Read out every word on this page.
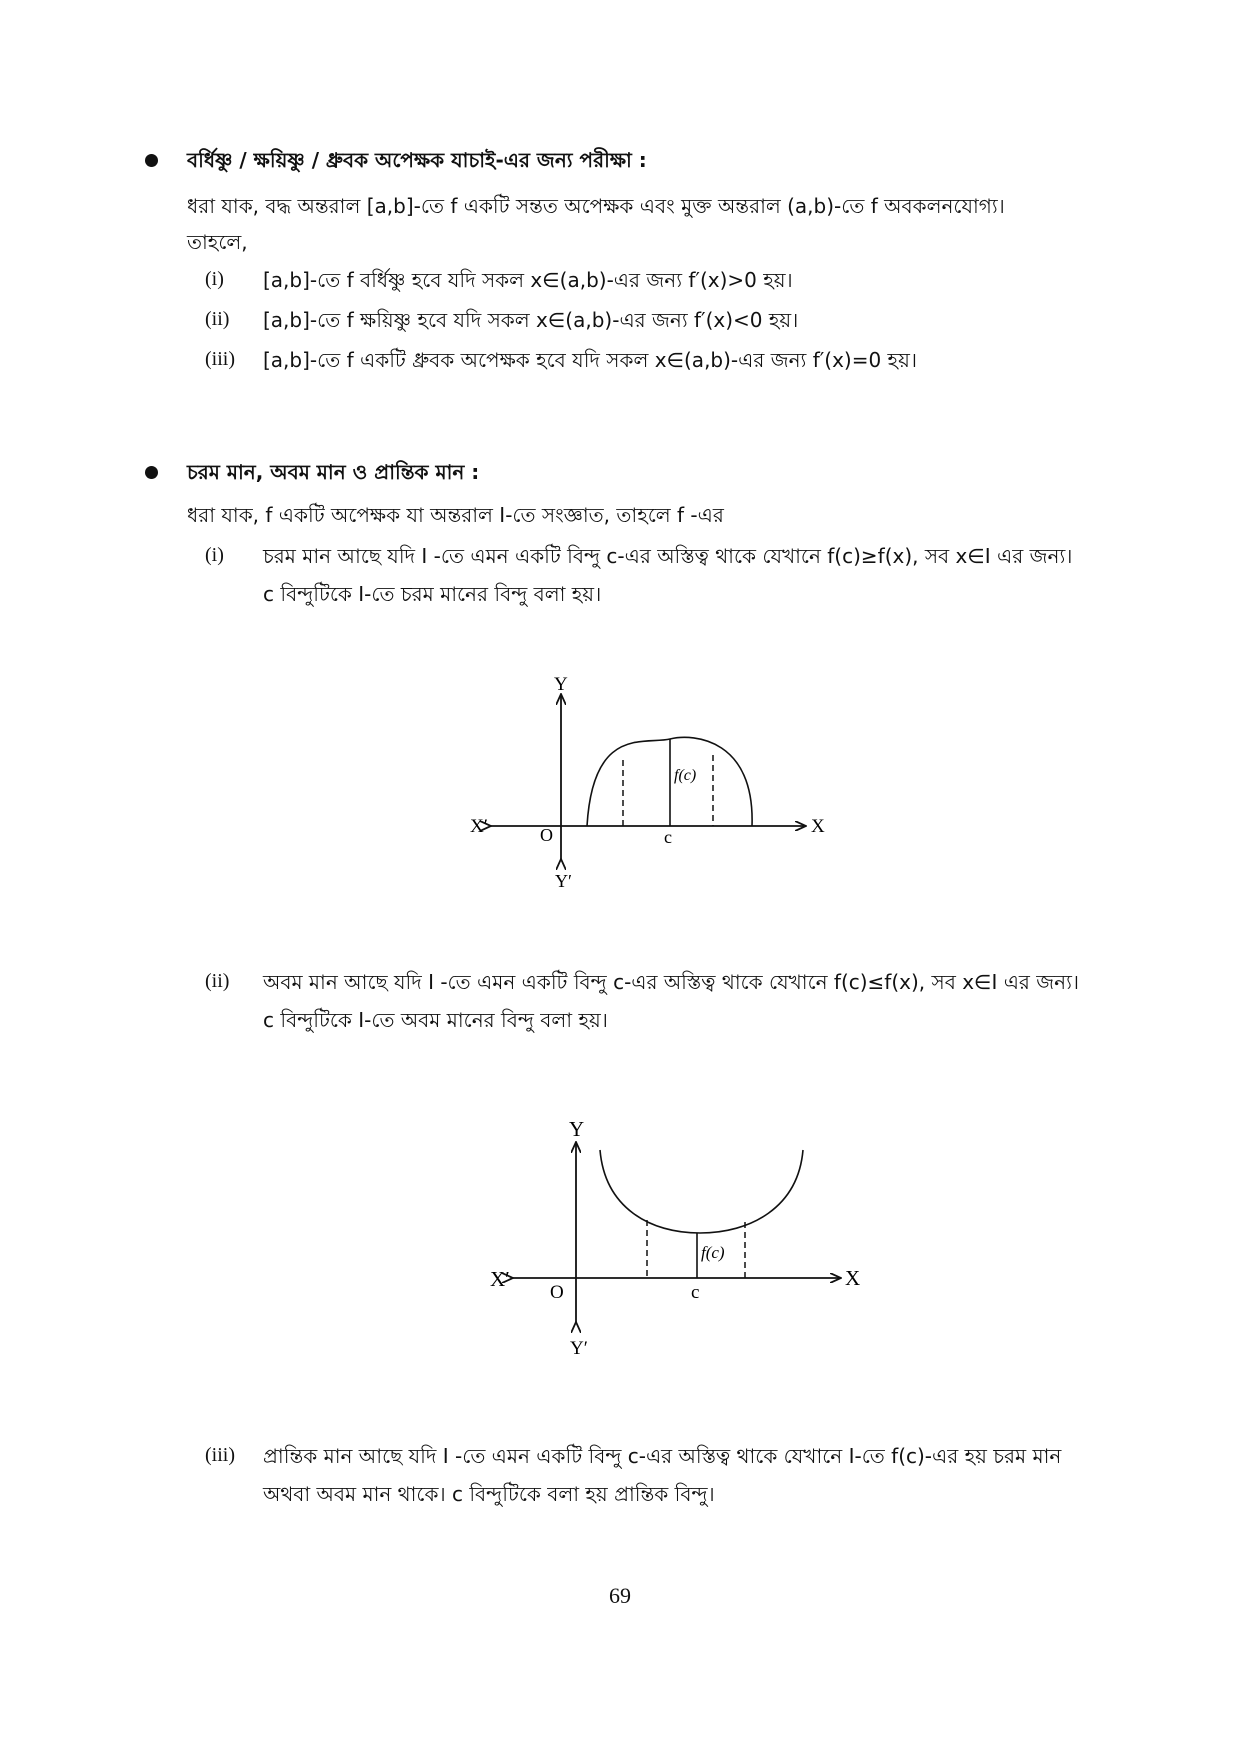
বর্ধিষ্ণু / ক্ষয়িষ্ণু / ধ্রুবক অপেক্ষক যাচাই-এর জন্য পরীক্ষা :
ধরা যাক, বদ্ধ অন্তরাল [a,b]-তে f একটি সন্তত অপেক্ষক এবং মুক্ত অন্তরাল (a,b)-তে f অবকলনযোগ্য।
তাহলে,
(i) [a,b]-তে f বর্ধিষ্ণু হবে যদি সকল x∈(a,b)-এর জন্য f′(x)>0 হয়।
(ii) [a,b]-তে f ক্ষয়িষ্ণু হবে যদি সকল x∈(a,b)-এর জন্য f′(x)<0 হয়।
(iii) [a,b]-তে f একটি ধ্রুবক অপেক্ষক হবে যদি সকল x∈(a,b)-এর জন্য f′(x)=0 হয়।
চরম মান, অবম মান ও প্রান্তিক মান :
ধরা যাক, f একটি অপেক্ষক যা অন্তরাল I-তে সংজ্ঞাত, তাহলে f -এর
(i) চরম মান আছে যদি I -তে এমন একটি বিন্দু c-এর অস্তিত্ব থাকে যেখানে f(c)≥f(x), সব x∈I এর জন্য।
c বিন্দুটিকে I-তে চরম মানের বিন্দু বলা হয়।
Y
Y′
X
X′	O	c
f(c)
(ii) অবম মান আছে যদি I -তে এমন একটি বিন্দু c-এর অস্তিত্ব থাকে যেখানে f(c)≤f(x), সব x∈I এর জন্য।
c বিন্দুটিকে I-তে অবম মানের বিন্দু বলা হয়।
Y
Y′
X
X′
O	c
f(c)
(iii) প্রান্তিক মান আছে যদি I -তে এমন একটি বিন্দু c-এর অস্তিত্ব থাকে যেখানে I-তে f(c)-এর হয় চরম মান
অথবা অবম মান থাকে। c বিন্দুটিকে বলা হয় প্রান্তিক বিন্দু।
69
